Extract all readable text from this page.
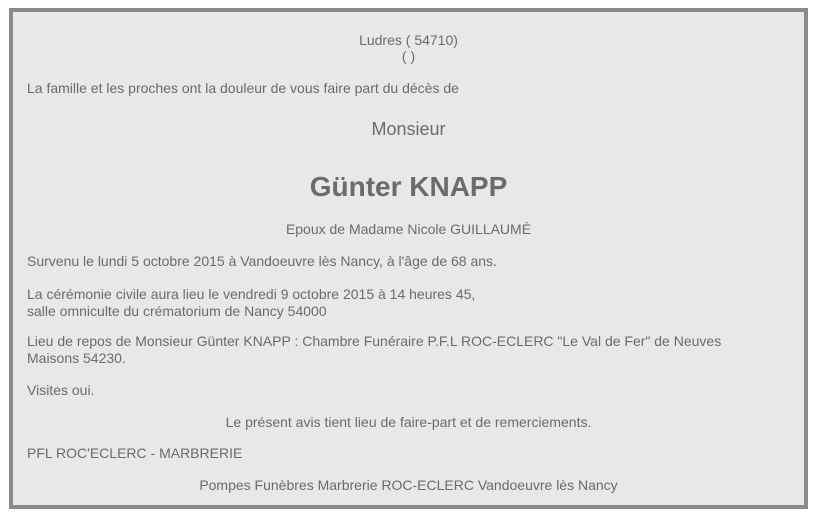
Ludres ( 54710)
( )
La famille et les proches ont la douleur de vous faire part du décès de
Monsieur
Günter KNAPP
Epoux de Madame Nicole GUILLAUMÉ
Survenu le lundi 5 octobre 2015 à Vandoeuvre lès Nancy, à l'âge de 68 ans.
La cérémonie civile aura lieu le vendredi 9 octobre 2015 à 14 heures 45,
salle omniculte du crématorium de Nancy 54000
Lieu de repos de Monsieur Günter KNAPP : Chambre Funéraire P.F.L ROC-ECLERC "Le Val de Fer" de Neuves
Maisons 54230.
Visites oui.
Le présent avis tient lieu de faire-part et de remerciements.
PFL ROC'ECLERC - MARBRERIE
Pompes Funèbres Marbrerie ROC-ECLERC Vandoeuvre lès Nancy
